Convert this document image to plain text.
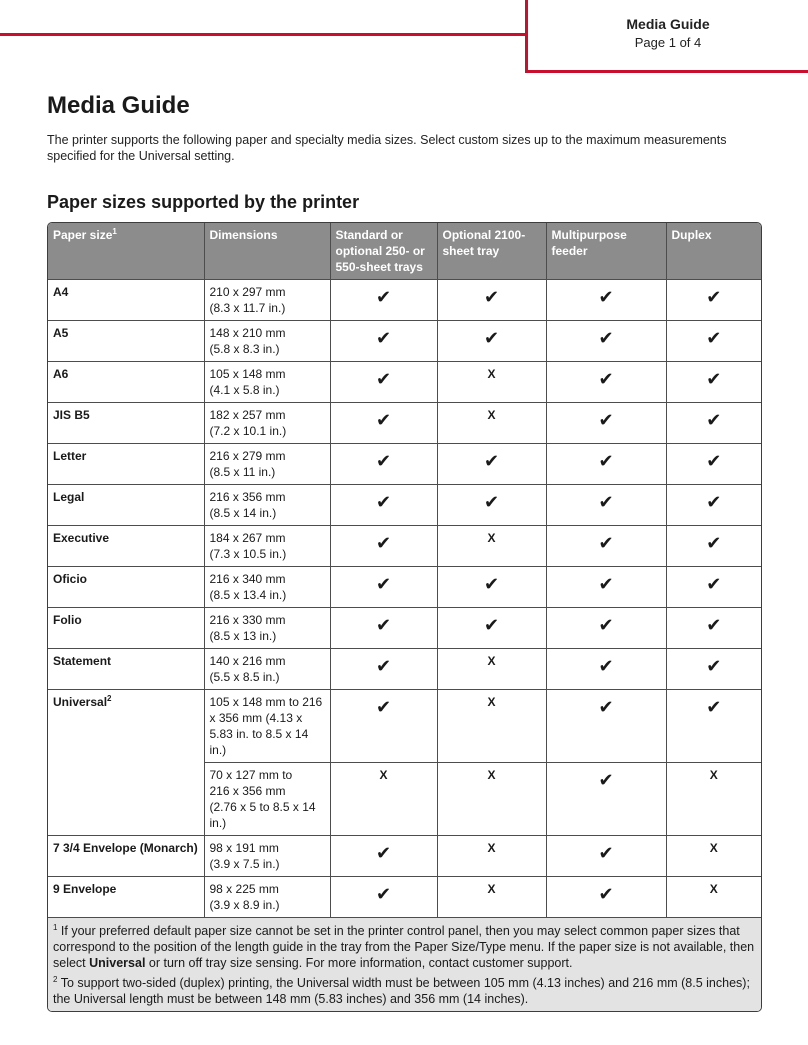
Media Guide
Page 1 of 4
Media Guide
The printer supports the following paper and specialty media sizes. Select custom sizes up to the maximum measurements specified for the Universal setting.
Paper sizes supported by the printer
Paper size$^1$	Dimensions	Standard or optional 250- or 550-sheet trays	Optional 2100-sheet tray	Multipurpose feeder	Duplex
A4	210 x 297 mm
(8.3 x 11.7 in.)	✔	✔	✔	✔
A5	148 x 210 mm
(5.8 x 8.3 in.)	✔	✔	✔	✔
A6	105 x 148 mm
(4.1 x 5.8 in.)	✔	X	✔	✔
JIS B5	182 x 257 mm
(7.2 x 10.1 in.)	✔	X	✔	✔
Letter	216 x 279 mm
(8.5 x 11 in.)	✔	✔	✔	✔
Legal	216 x 356 mm
(8.5 x 14 in.)	✔	✔	✔	✔
Executive	184 x 267 mm
(7.3 x 10.5 in.)	✔	X	✔	✔
Oficio	216 x 340 mm
(8.5 x 13.4 in.)	✔	✔	✔	✔
Folio	216 x 330 mm
(8.5 x 13 in.)	✔	✔	✔	✔
Statement	140 x 216 mm
(5.5 x 8.5 in.)	✔	X	✔	✔
Universal$^2$	105 x 148 mm to 216
x 356 mm (4.13 x
5.83 in. to 8.5 x 14 in.)	✔	X	✔	✔

	70 x 127 mm to
216 x 356 mm
(2.76 x 5 to 8.5 x 14 in.)	X	X	✔	X
7 3/4 Envelope (Monarch)	98 x 191 mm
(3.9 x 7.5 in.)	✔	X	✔	X
9 Envelope	98 x 225 mm
(3.9 x 8.9 in.)	✔	X	✔	X

$^1$ If your preferred default paper size cannot be set in the printer control panel, then you may select common paper sizes that correspond to the position of the length guide in the tray from the Paper Size/Type menu. If the paper size is not available, then select Universal or turn off tray size sensing. For more information, contact customer support.

$^2$ To support two-sided (duplex) printing, the Universal width must be between 105 mm (4.13 inches) and 216 mm (8.5 inches); the Universal length must be between 148 mm (5.83 inches) and 356 mm (14 inches).					
